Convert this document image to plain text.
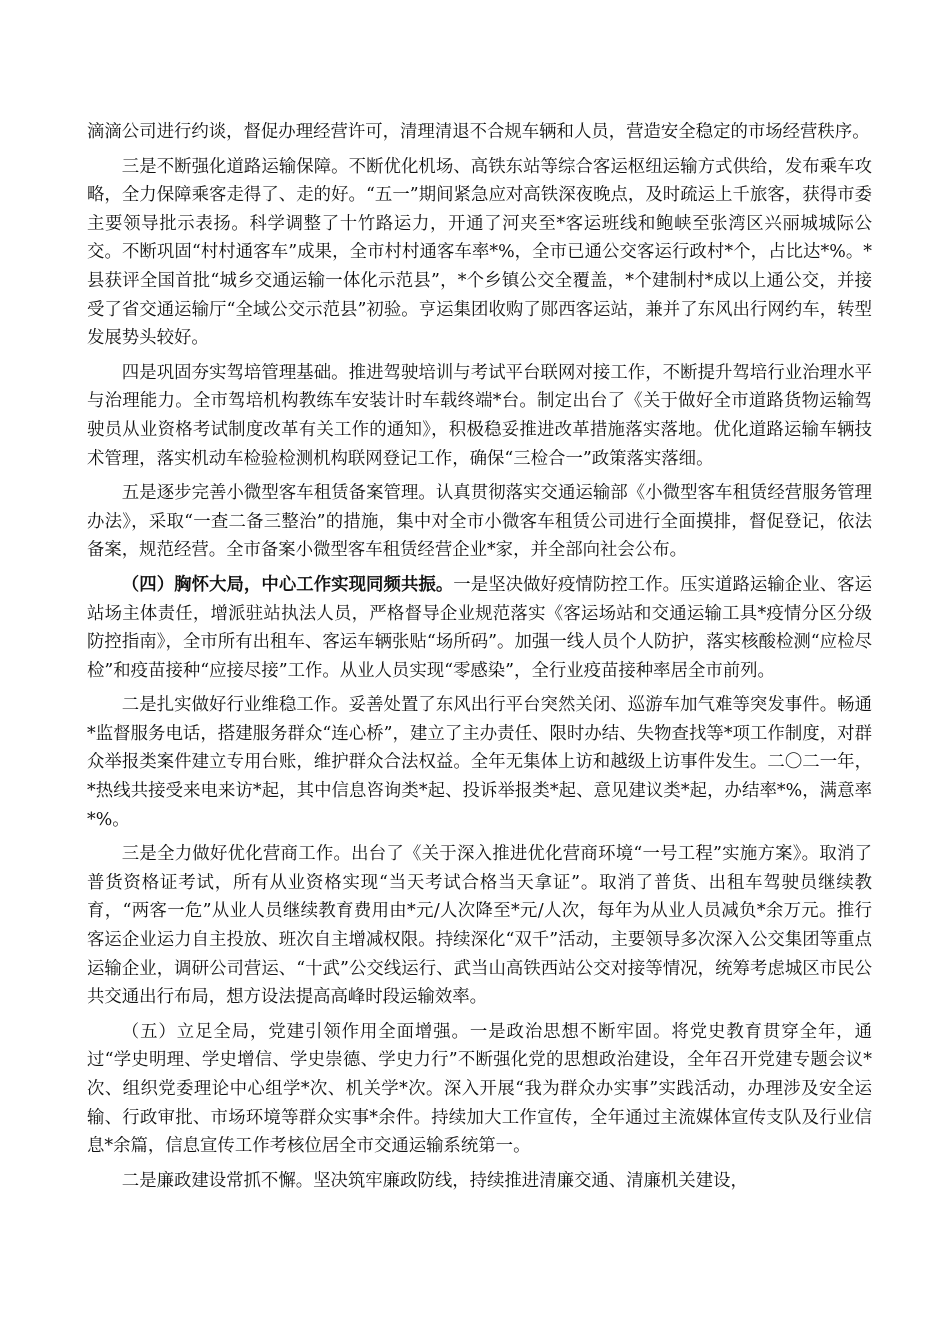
滴滴公司进行约谈，督促办理经营许可，清理清退不合规车辆和人员，营造安全稳定的市场经营秩序。

三是不断强化道路运输保障。不断优化机场、高铁东站等综合客运枢纽运输方式供给，发布乘车攻略，全力保障乘客走得了、走的好。“五一”期间紧急应对高铁深夜晚点，及时疏运上千旅客，获得市委主要领导批示表扬。科学调整了十竹路运力，开通了河夹至*客运班线和鲍峡至张湾区兴丽城城际公交。不断巩固“村村通客车”成果，全市村村通客车率*%，全市已通公交客运行政村*个，占比达*%。*县获评全国首批“城乡交通运输一体化示范县”，*个乡镇公交全覆盖，*个建制村*成以上通公交，并接受了省交通运输厅“全域公交示范县”初验。亨运集团收购了郧西客运站，兼并了东风出行网约车，转型发展势头较好。

四是巩固夯实驾培管理基础。推进驾驶培训与考试平台联网对接工作，不断提升驾培行业治理水平与治理能力。全市驾培机构教练车安装计时车载终端*台。制定出台了《关于做好全市道路货物运输驾驶员从业资格考试制度改革有关工作的通知》，积极稳妥推进改革措施落实落地。优化道路运输车辆技术管理，落实机动车检验检测机构联网登记工作，确保“三检合一”政策落实落细。

五是逐步完善小微型客车租赁备案管理。认真贯彻落实交通运输部《小微型客车租赁经营服务管理办法》，采取“一查二备三整治”的措施，集中对全市小微客车租赁公司进行全面摸排，督促登记，依法备案，规范经营。全市备案小微型客车租赁经营企业*家，并全部向社会公布。

（四）胸怀大局，中心工作实现同频共振。一是坚决做好疫情防控工作。压实道路运输企业、客运站场主体责任，增派驻站执法人员，严格督导企业规范落实《客运场站和交通运输工具*疫情分区分级防控指南》，全市所有出租车、客运车辆张贴“场所码”。加强一线人员个人防护，落实核酸检测“应检尽检”和疫苗接种“应接尽接”工作。从业人员实现“零感染”，全行业疫苗接种率居全市前列。

二是扎实做好行业维稳工作。妥善处置了东风出行平台突然关闭、巡游车加气难等突发事件。畅通*监督服务电话，搭建服务群众“连心桥”，建立了主办责任、限时办结、失物查找等*项工作制度，对群众举报类案件建立专用台账，维护群众合法权益。全年无集体上访和越级上访事件发生。二〇二一年，*热线共接受来电来访*起，其中信息咨询类*起、投诉举报类*起、意见建议类*起，办结率*%，满意率*%。

三是全力做好优化营商工作。出台了《关于深入推进优化营商环境“一号工程”实施方案》。取消了普货资格证考试，所有从业资格实现“当天考试合格当天拿证”。取消了普货、出租车驾驶员继续教育，“两客一危”从业人员继续教育费用由*元/人次降至*元/人次，每年为从业人员减负*余万元。推行客运企业运力自主投放、班次自主增减权限。持续深化“双千”活动，主要领导多次深入公交集团等重点运输企业，调研公司营运、“十武”公交线运行、武当山高铁西站公交对接等情况，统筹考虑城区市民公共交通出行布局，想方设法提高高峰时段运输效率。

（五）立足全局，党建引领作用全面增强。一是政治思想不断牢固。将党史教育贯穿全年，通过“学史明理、学史增信、学史崇德、学史力行”不断强化党的思想政治建设，全年召开党建专题会议*次、组织党委理论中心组学*次、机关学*次。深入开展“我为群众办实事”实践活动，办理涉及安全运输、行政审批、市场环境等群众实事*余件。持续加大工作宣传，全年通过主流媒体宣传支队及行业信息*余篇，信息宣传工作考核位居全市交通运输系统第一。

二是廉政建设常抓不懈。坚决筑牢廉政防线，持续推进清廉交通、清廉机关建设，
